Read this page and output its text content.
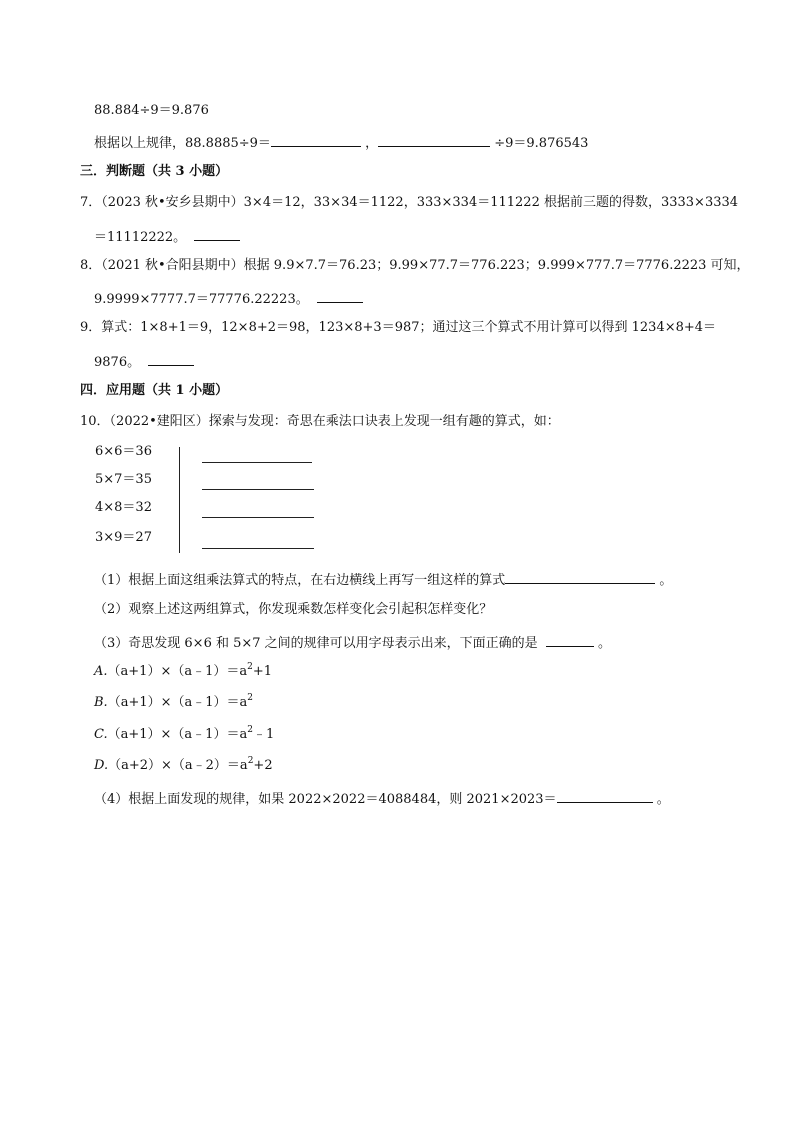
88.884÷9＝9.876
根据以上规律，88.8885÷9＝	，	÷9＝9.876543
三．判断题（共 3 小题）
7．（2023 秋•安乡县期中）3×4＝12，33×34＝1122，333×334＝111222 根据前三题的得数，3333×3334
＝11112222。
8．（2021 秋•合阳县期中）根据 9.9×7.7＝76.23；9.99×77.7＝776.223；9.999×777.7＝7776.2223 可知，
9.9999×7777.7＝77776.22223。
9．算式：1×8+1＝9，12×8+2＝98，123×8+3＝987；通过这三个算式不用计算可以得到 1234×8+4＝
9876。
四．应用题（共 1 小题）
10．（2022•建阳区）探索与发现：奇思在乘法口诀表上发现一组有趣的算式，如：
6×6＝36
5×7＝35
4×8＝32
3×9＝27
（1）根据上面这组乘法算式的特点，在右边横线上再写一组这样的算式	。
（2）观察上述这两组算式，你发现乘数怎样变化会引起积怎样变化？
（3）奇思发现 6×6 和 5×7 之间的规律可以用字母表示出来，下面正确的是	。
$A.(a+1)\times(a﹣1)=a^2+1$
$B.(a+1)\times(a﹣1)=a^2$
$C.(a+1)\times(a﹣1)=a^2﹣1$
$D.(a+2)\times(a﹣2)=a^2+2$
（4）根据上面发现的规律，如果 2022×2022＝4088484，则 2021×2023＝	。
